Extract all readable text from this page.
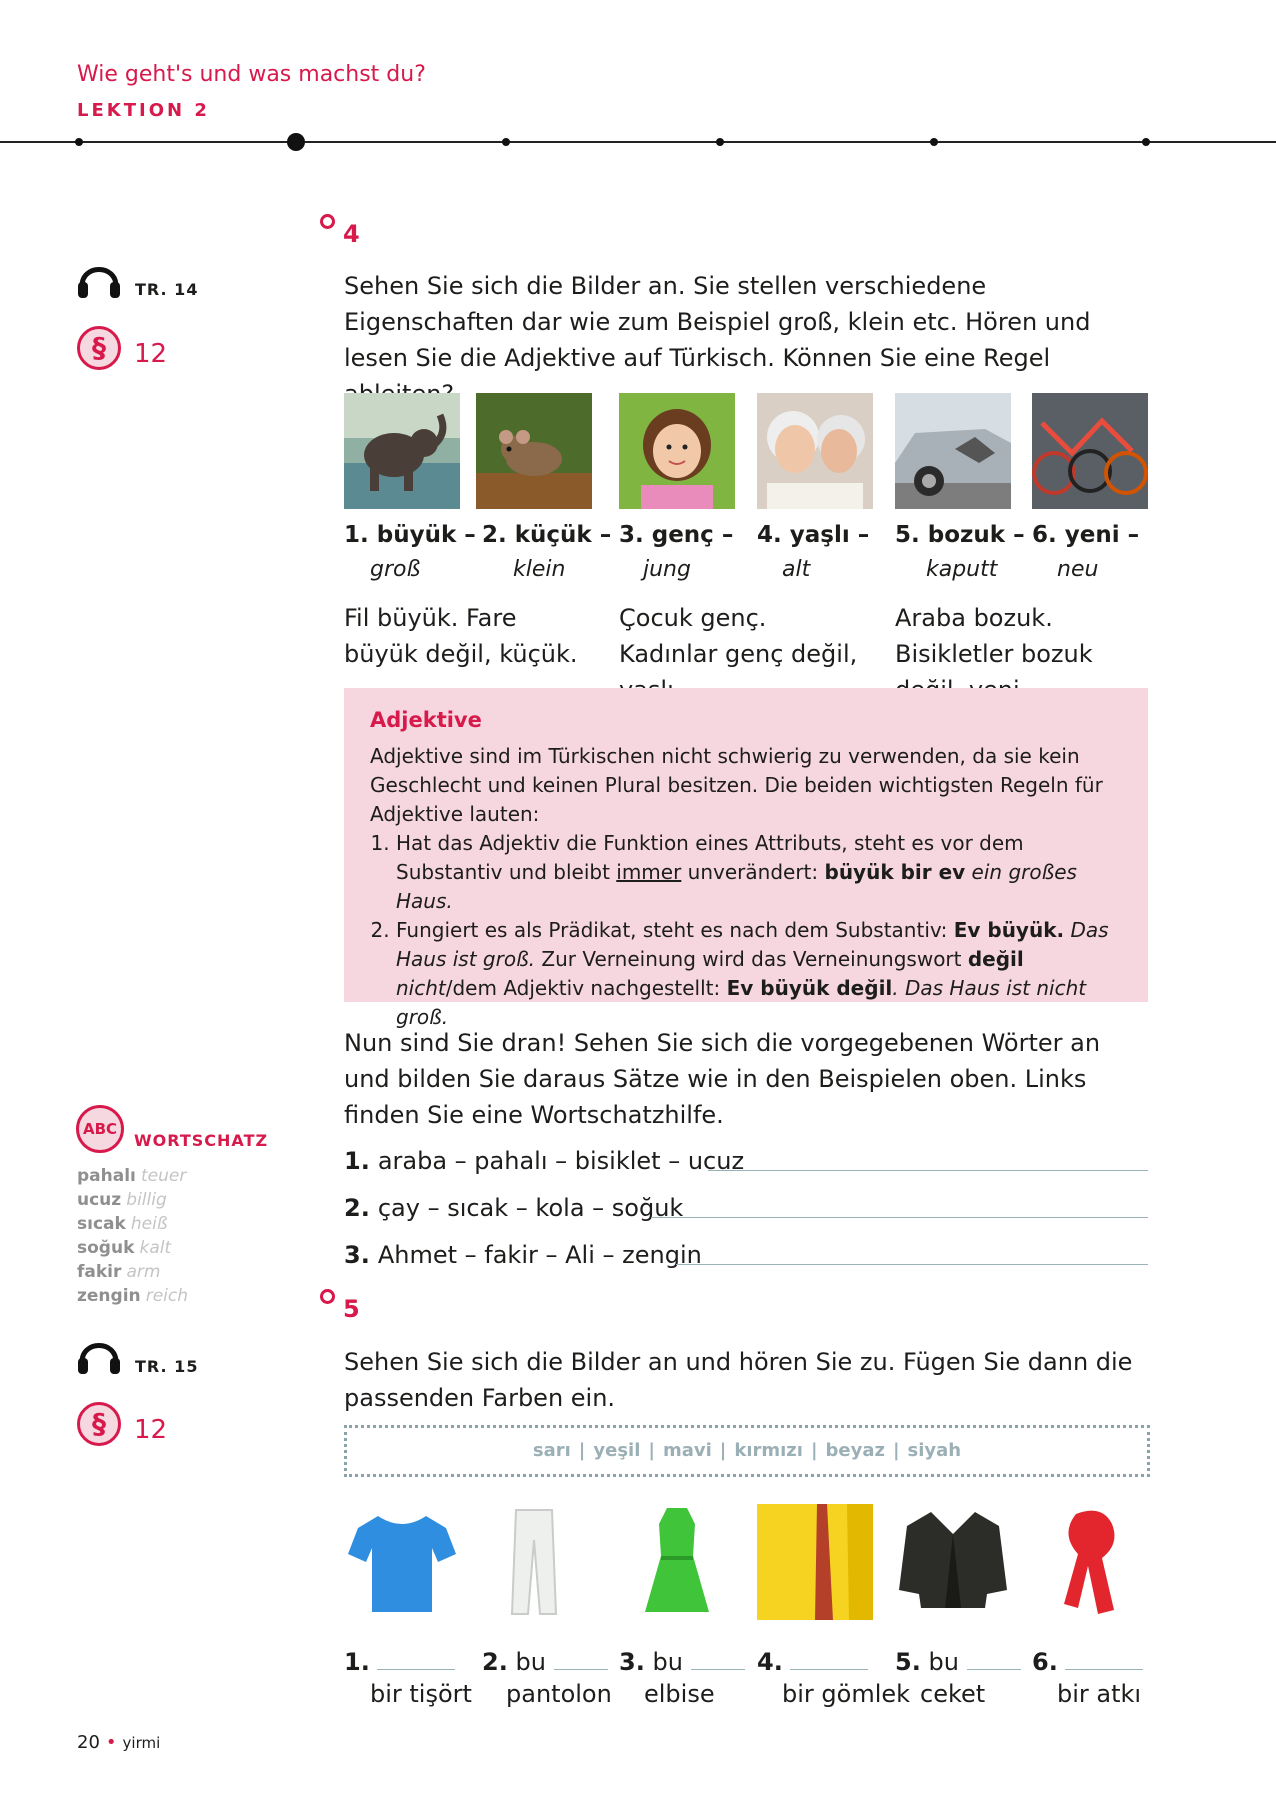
Wie geht's und was machst du?
LEKTION 2
4
TR. 14
§	12
Sehen Sie sich die Bilder an. Sie stellen verschiedene Eigenschaften dar wie zum Beispiel groß, klein etc. Hören und lesen Sie die Adjektive auf Türkisch. Können Sie eine Regel
1. büyük –
groß
2. küçük –
klein
3. genç –
jung
4. yaşlı –
alt
5. bozuk –
kaputt
6. yeni –
neu
Fil büyük. Fare büyük değil, küçük.
Çocuk genç. Kadınlar genç değil,
Araba bozuk. Bisikletler bozuk
Adjektive
Adjektive sind im Türkischen nicht schwierig zu verwenden, da sie kein Geschlecht und keinen Plural besitzen. Die beiden wichtigsten Regeln für Adjektive lauten:
1. Hat das Adjektiv die Funktion eines Attributs, steht es vor dem Substantiv und bleibt immer unverändert: büyük bir ev ein großes Haus.
2. Fungiert es als Prädikat, steht es nach dem Substantiv: Ev büyük. Das Haus ist groß. Zur Verneinung wird das Verneinungswort değil nicht/dem Adjektiv nachgestellt: Ev büyük değil. Das Haus ist nicht groß.
ABC
WORTSCHATZ
pahalı teuer
ucuz billig
sıcak heiß
soğuk kalt
fakir arm
zengin reich
Nun sind Sie dran! Sehen Sie sich die vorgegebenen Wörter an und bilden Sie daraus Sätze wie in den Beispielen oben. Links finden Sie eine Wortschatzhilfe.
1. araba – pahalı – bisiklet – ucuz
2. çay – sıcak – kola – soğuk
3. Ahmet – fakir – Ali – zengin
5
TR. 15
§	12
Sehen Sie sich die Bilder an und hören Sie zu. Fügen Sie dann die passenden Farben ein.
sarı | yeşil | mavi | kırmızı | beyaz | siyah
1.
bir tişört
2. bu
pantolon
3. bu
elbise
4.
bir gömlek
5. bu
ceket
6.
bir atkı
20 • yirmi
